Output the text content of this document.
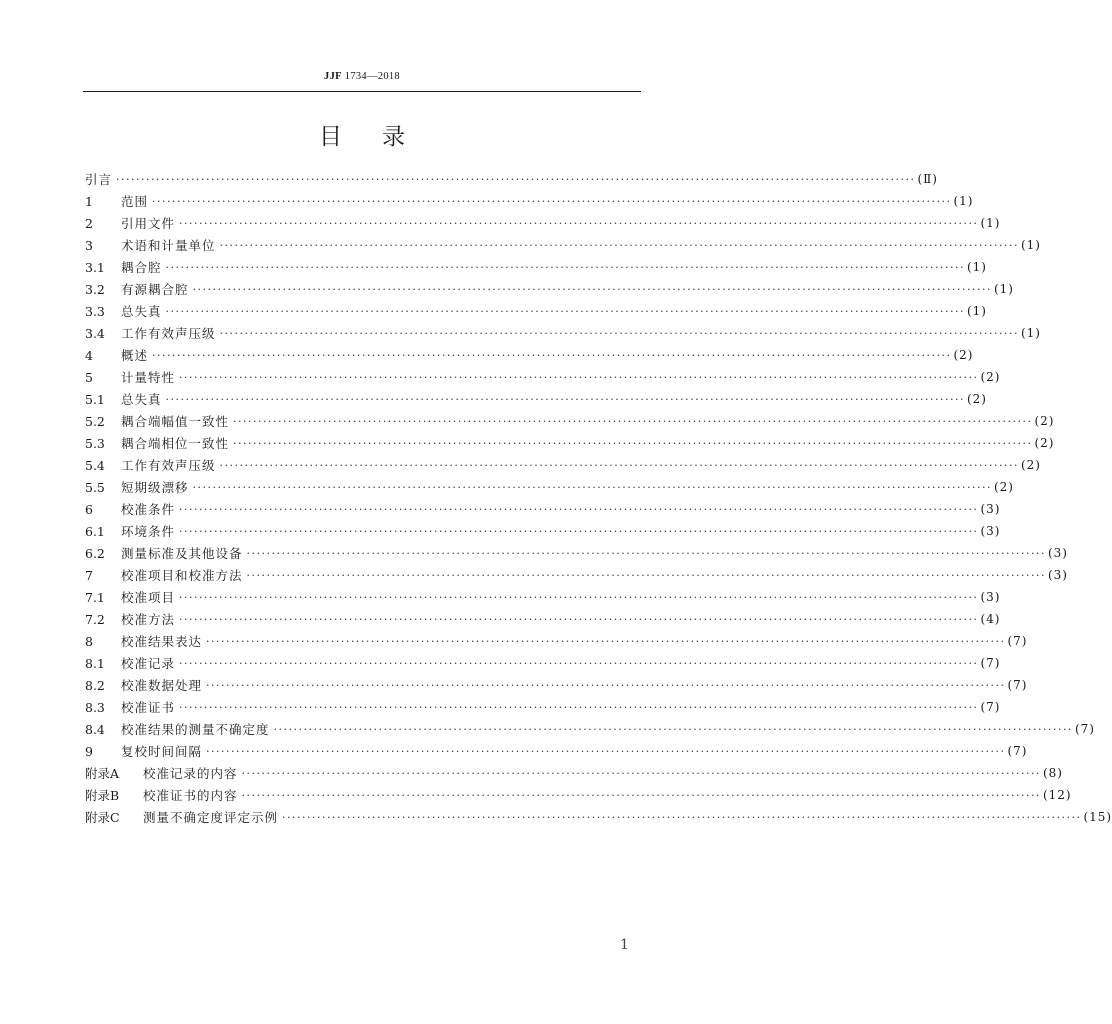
JJF 1734—2018
目录
引言 ································································································································································ (Ⅱ)
1	范围 ································································································································································ (1)
2	引用文件 ································································································································································ (1)
3	术语和计量单位 ································································································································································ (1)
3.1	耦合腔 ································································································································································ (1)
3.2	有源耦合腔 ································································································································································ (1)
3.3	总失真 ································································································································································ (1)
3.4	工作有效声压级 ································································································································································ (1)
4	概述 ································································································································································ (2)
5	计量特性 ································································································································································ (2)
5.1	总失真 ································································································································································ (2)
5.2	耦合端幅值一致性 ································································································································································ (2)
5.3	耦合端相位一致性 ································································································································································ (2)
5.4	工作有效声压级 ································································································································································ (2)
5.5	短期级漂移 ································································································································································ (2)
6	校准条件 ································································································································································ (3)
6.1	环境条件 ································································································································································ (3)
6.2	测量标准及其他设备 ································································································································································ (3)
7	校准项目和校准方法 ································································································································································ (3)
7.1	校准项目 ································································································································································ (3)
7.2	校准方法 ································································································································································ (4)
8	校准结果表达 ································································································································································ (7)
8.1	校准记录 ································································································································································ (7)
8.2	校准数据处理 ································································································································································ (7)
8.3	校准证书 ································································································································································ (7)
8.4	校准结果的测量不确定度 ································································································································································ (7)
9	复校时间间隔 ································································································································································ (7)
附录A	校准记录的内容 ································································································································································ (8)
附录B	校准证书的内容 ································································································································································ (12)
附录C	测量不确定度评定示例 ································································································································································ (15)
1
